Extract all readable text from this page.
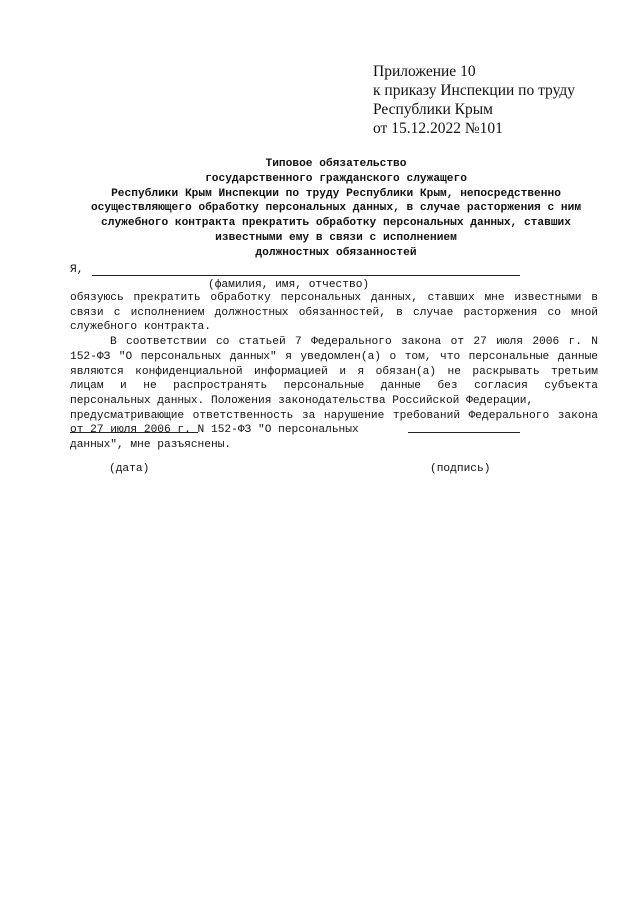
Приложение 10
к приказу Инспекции по труду
Республики Крым
от 15.12.2022 №101
Типовое обязательство
государственного гражданского служащего
Республики Крым Инспекции по труду Республики Крым, непосредственно
осуществляющего обработку персональных данных, в случае расторжения с ним
служебного контракта прекратить обработку персональных данных, ставших
известными ему в связи с исполнением
должностных обязанностей
Я,
(фамилия, имя, отчество)

обязуюсь прекратить обработку персональных данных, ставших мне известными в связи с исполнением должностных обязанностей, в случае расторжения со мной служебного контракта.

В соответствии со статьей 7 Федерального закона от 27 июля 2006 г. N 152-ФЗ "О персональных данных" я уведомлен(а) о том, что персональные данные являются конфиденциальной информацией и я обязан(а) не раскрывать третьим лицам и не распространять персональные данные без согласия субъекта персональных данных. Положения законодательства Российской Федерации,

предусматривающие ответственность за нарушение требований Федерального закона от 27 июля 2006 г. N 152-ФЗ "О персональных

данных", мне разъяснены.

(дата)	(подпись)
